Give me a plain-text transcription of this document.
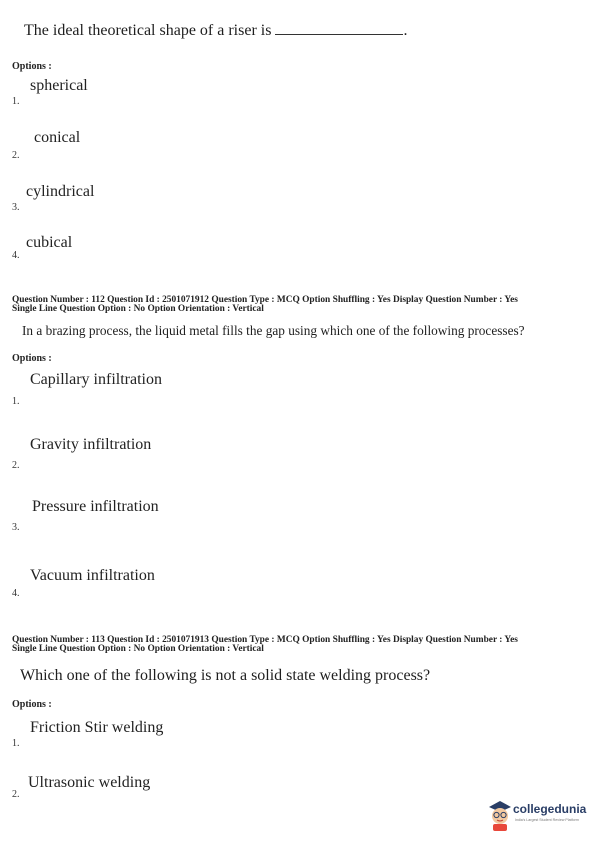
The ideal theoretical shape of a riser is	.
Options :
spherical
1.
conical
2.
cylindrical
3.
cubical
4.
Question Number : 112 Question Id : 2501071912 Question Type : MCQ Option Shuffling : Yes Display Question Number : Yes
Single Line Question Option : No Option Orientation : Vertical
In a brazing process, the liquid metal fills the gap using which one of the following processes?
Options :
Capillary infiltration
1.
Gravity infiltration
2.
Pressure infiltration
3.
Vacuum infiltration
4.
Question Number : 113 Question Id : 2501071913 Question Type : MCQ Option Shuffling : Yes Display Question Number : Yes
Single Line Question Option : No Option Orientation : Vertical
Which one of the following is not a solid state welding process?
Options :
Friction Stir welding
1.
Ultrasonic welding
2.
collegedunia
India's Largest Student Review Platform
